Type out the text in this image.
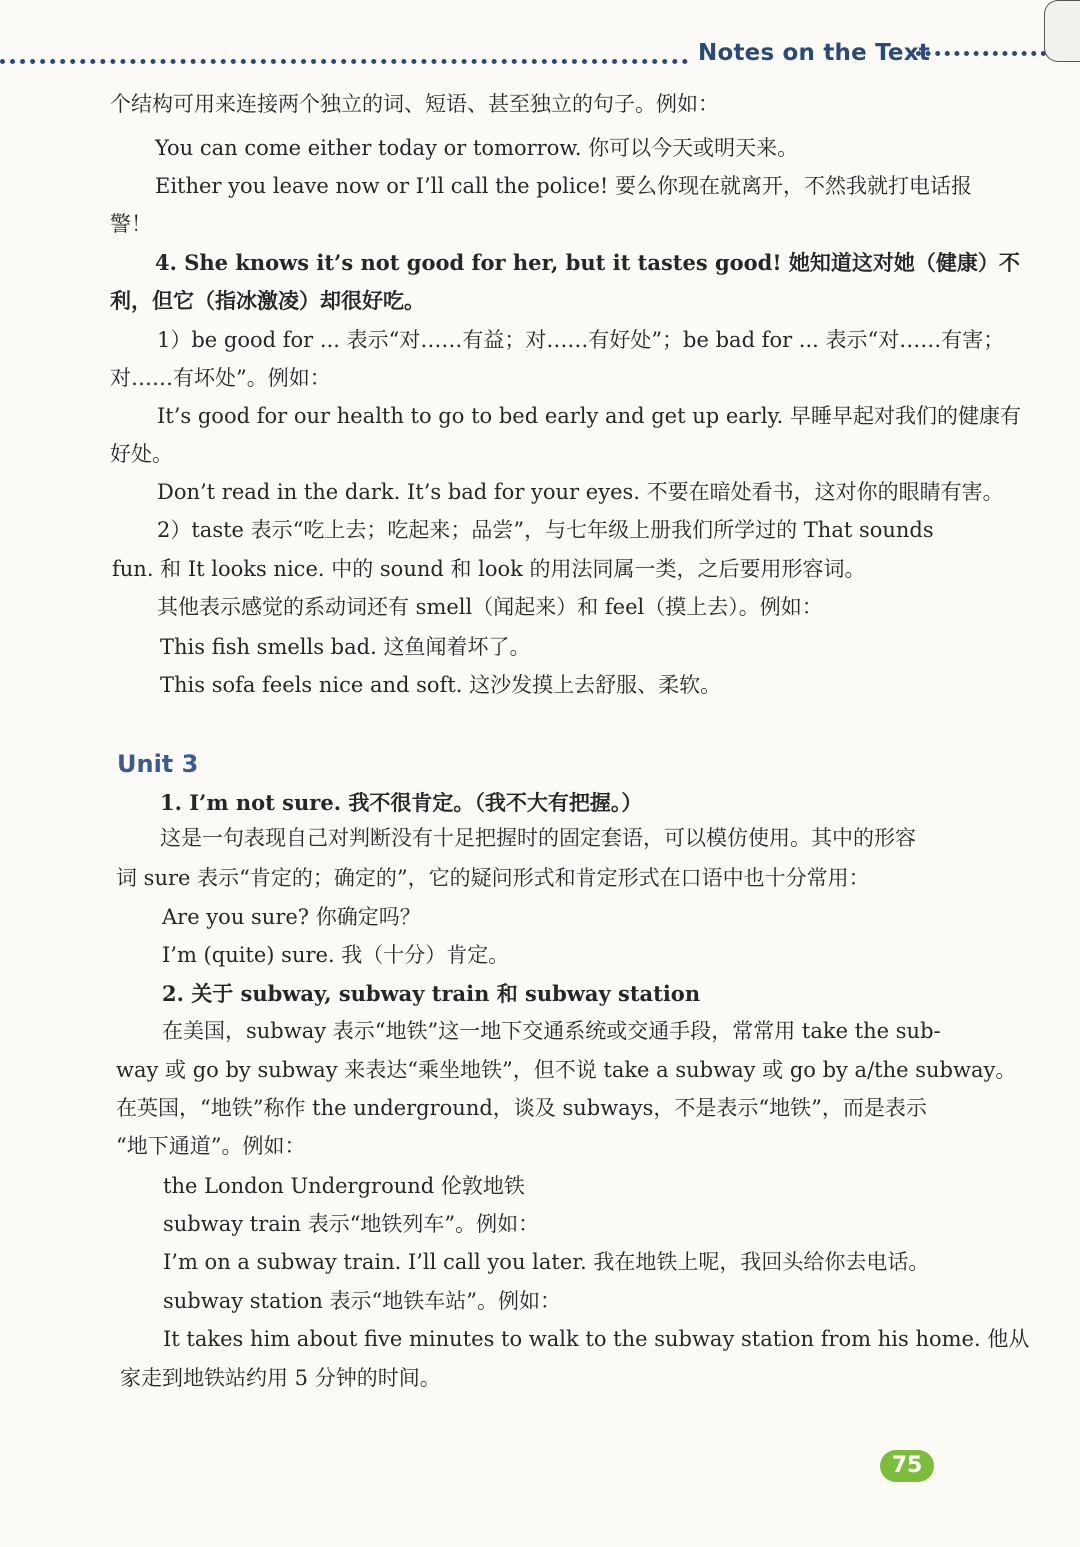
Notes on the Text
个结构可用来连接两个独立的词、短语、甚至独立的句子。例如：
You can come either today or tomorrow. 你可以今天或明天来。
Either you leave now or I’ll call the police! 要么你现在就离开，不然我就打电话报
警！
4. She knows it’s not good for her, but it tastes good! 她知道这对她（健康）不
利，但它（指冰激凌）却很好吃。
1）be good for ... 表示“对……有益；对……有好处”；be bad for ... 表示“对……有害；
对……有坏处”。例如：
It’s good for our health to go to bed early and get up early. 早睡早起对我们的健康有
好处。
Don’t read in the dark. It’s bad for your eyes. 不要在暗处看书，这对你的眼睛有害。
2）taste 表示“吃上去；吃起来；品尝”，与七年级上册我们所学过的 That sounds
fun. 和 It looks nice. 中的 sound 和 look 的用法同属一类，之后要用形容词。
其他表示感觉的系动词还有 smell（闻起来）和 feel（摸上去）。例如：
This fish smells bad. 这鱼闻着坏了。
This sofa feels nice and soft. 这沙发摸上去舒服、柔软。
Unit 3
1. I’m not sure. 我不很肯定。（我不大有把握。）
这是一句表现自己对判断没有十足把握时的固定套语，可以模仿使用。其中的形容
词 sure 表示“肯定的；确定的”，它的疑问形式和肯定形式在口语中也十分常用：
Are you sure? 你确定吗？
I’m (quite) sure. 我（十分）肯定。
2. 关于 subway, subway train 和 subway station
在美国，subway 表示“地铁”这一地下交通系统或交通手段，常常用 take the sub-
way 或 go by subway 来表达“乘坐地铁”，但不说 take a subway 或 go by a/the subway。
在英国，“地铁”称作 the underground，谈及 subways，不是表示“地铁”，而是表示
“地下通道”。例如：
the London Underground 伦敦地铁
subway train 表示“地铁列车”。例如：
I’m on a subway train. I’ll call you later. 我在地铁上呢，我回头给你去电话。
subway station 表示“地铁车站”。例如：
It takes him about five minutes to walk to the subway station from his home. 他从
家走到地铁站约用 5 分钟的时间。
75
